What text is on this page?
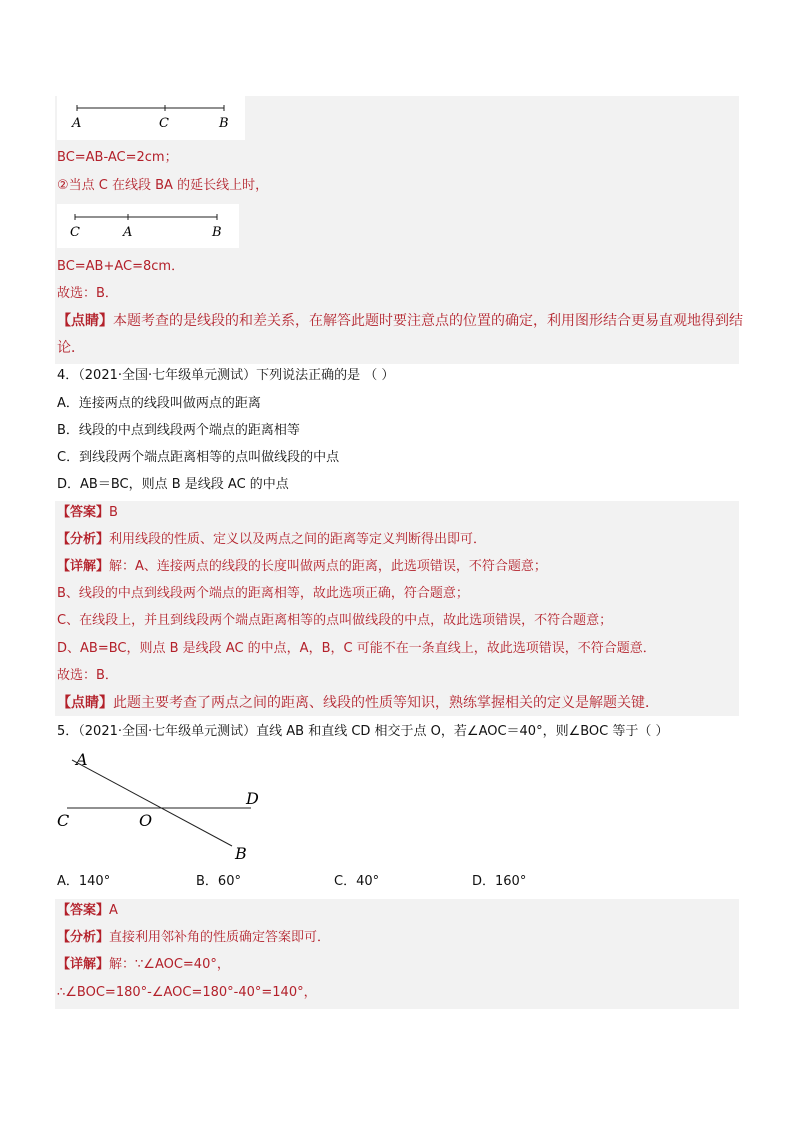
A	C	B
BC=AB-AC=2cm；
②当点 C 在线段 BA 的延长线上时，
C	A	B
BC=AB+AC=8cm．
故选：B．
【点睛】本题考查的是线段的和差关系，在解答此题时要注意点的位置的确定，利用图形结合更易直观地得到结
论．
4．（2021·全国·七年级单元测试）下列说法正确的是 （ ）
A．连接两点的线段叫做两点的距离
B．线段的中点到线段两个端点的距离相等
C．到线段两个端点距离相等的点叫做线段的中点
D．AB＝BC，则点 B 是线段 AC 的中点
【答案】B
【分析】利用线段的性质、定义以及两点之间的距离等定义判断得出即可．
【详解】解：A、连接两点的线段的长度叫做两点的距离，此选项错误，不符合题意；
B、线段的中点到线段两个端点的距离相等，故此选项正确，符合题意；
C、在线段上，并且到线段两个端点距离相等的点叫做线段的中点，故此选项错误，不符合题意；
D、AB=BC，则点 B 是线段 AC 的中点，A，B，C 可能不在一条直线上，故此选项错误，不符合题意．
故选：B．
【点睛】此题主要考查了两点之间的距离、线段的性质等知识，熟练掌握相关的定义是解题关键．
5．（2021·全国·七年级单元测试）直线 AB 和直线 CD 相交于点 O，若∠AOC＝40°，则∠BOC 等于（ ）
A
D
C	O
B
A．140°	B．60°	C．40°	D．160°
【答案】A
【分析】直接利用邻补角的性质确定答案即可．
【详解】解：∵∠AOC=40°，
∴∠BOC=180°-∠AOC=180°-40°=140°，
